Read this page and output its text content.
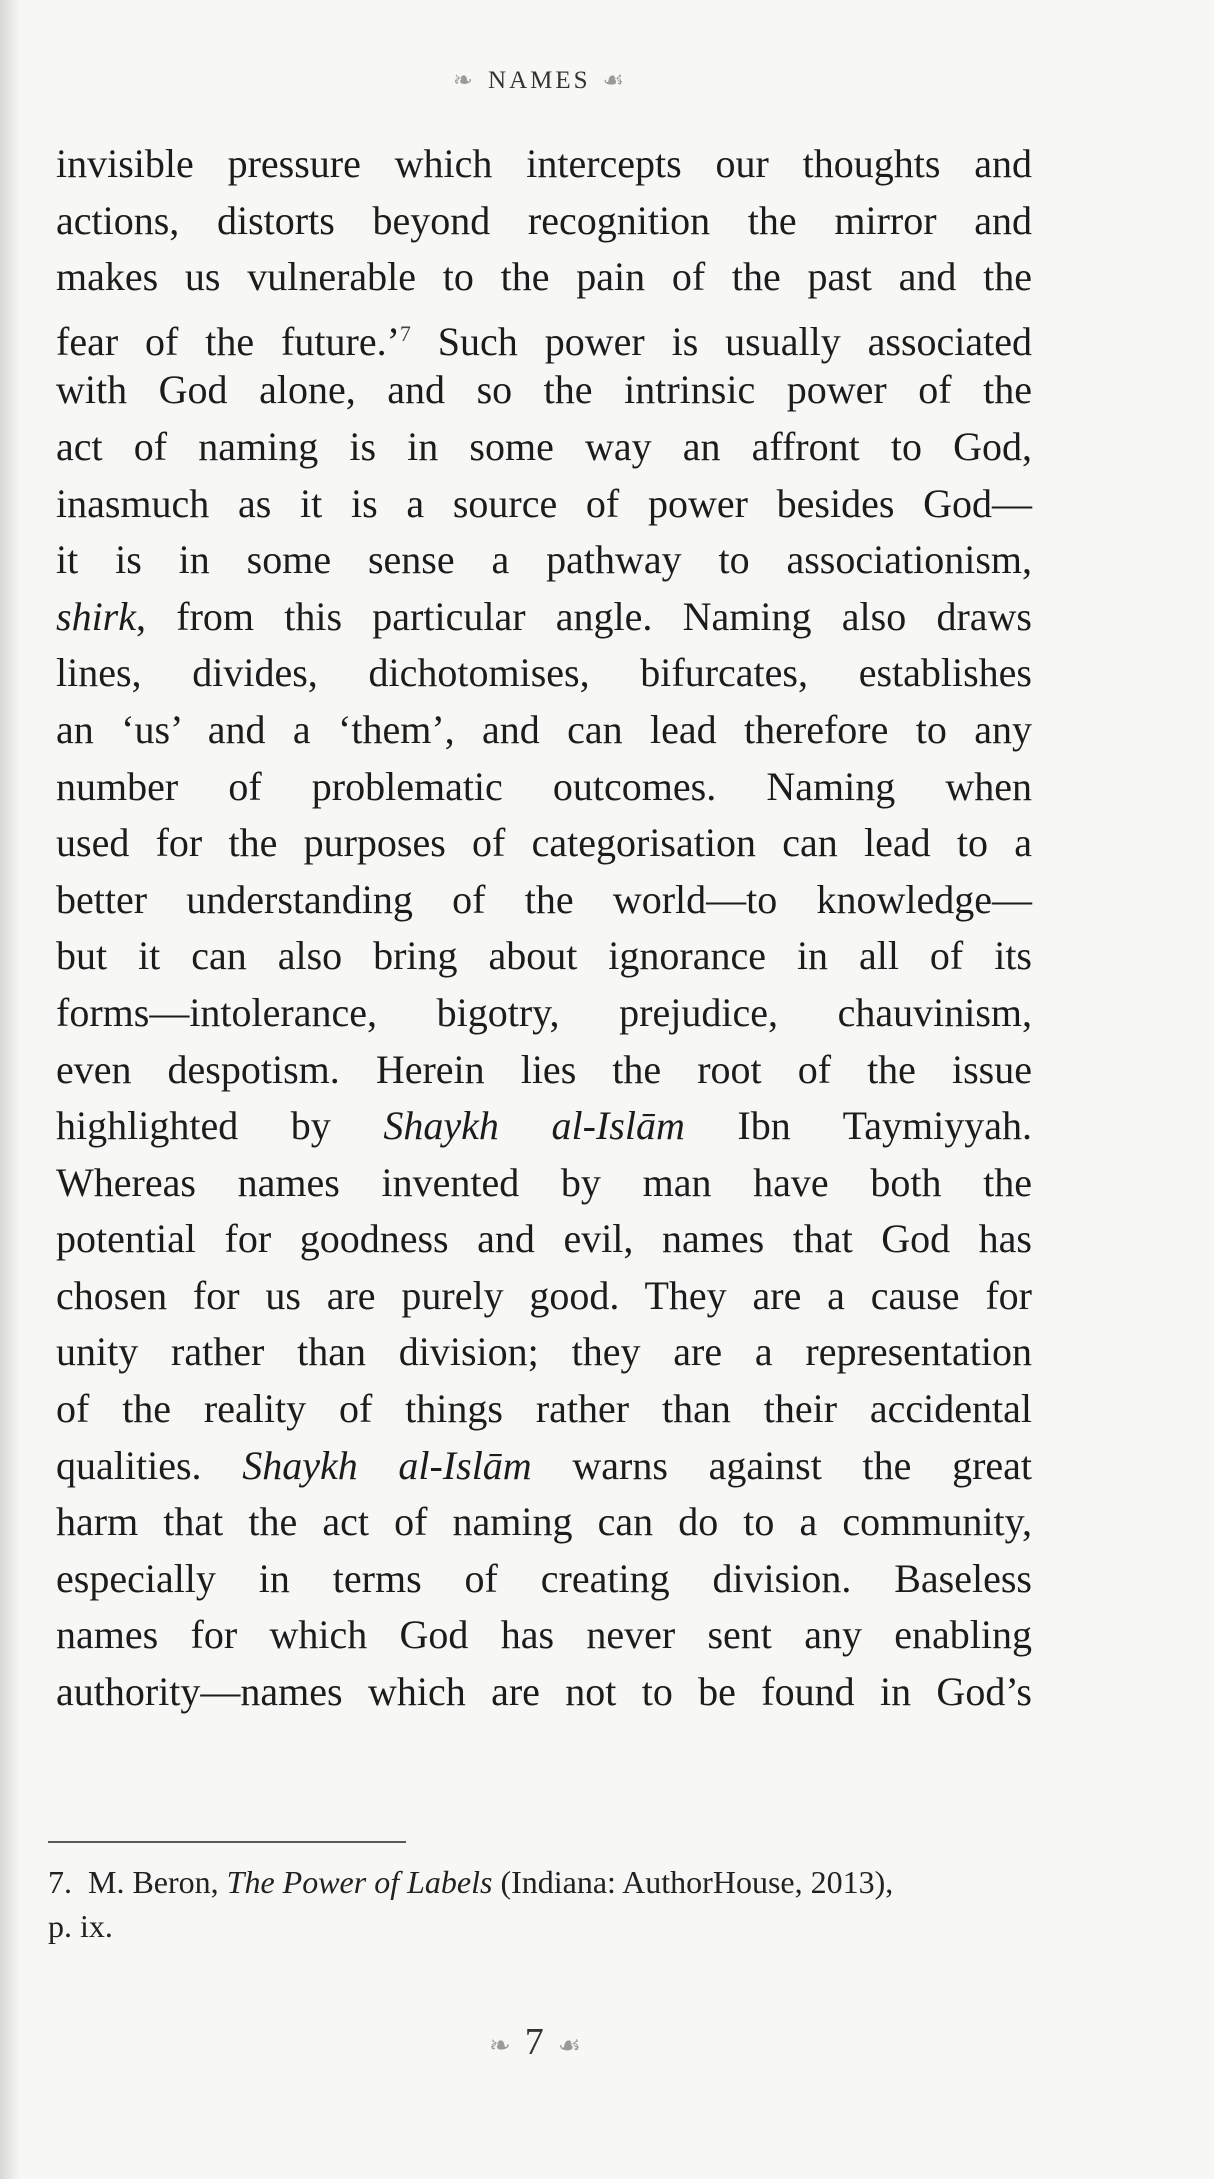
❧ NAMES ☙
invisible pressure which intercepts our thoughts and
actions, distorts beyond recognition the mirror and
makes us vulnerable to the pain of the past and the
fear of the future.’$^7$ Such power is usually associated
with God alone, and so the intrinsic power of the
act of naming is in some way an affront to God,
inasmuch as it is a source of power besides God—
it is in some sense a pathway to associationism,
shirk, from this particular angle. Naming also draws
lines, divides, dichotomises, bifurcates, establishes
an ‘us’ and a ‘them’, and can lead therefore to any
number of problematic outcomes. Naming when
used for the purposes of categorisation can lead to a
better understanding of the world—to knowledge—
but it can also bring about ignorance in all of its
forms—intolerance, bigotry, prejudice, chauvinism,
even despotism. Herein lies the root of the issue
highlighted by Shaykh al-Islām Ibn Taymiyyah.
Whereas names invented by man have both the
potential for goodness and evil, names that God has
chosen for us are purely good. They are a cause for
unity rather than division; they are a representation
of the reality of things rather than their accidental
qualities. Shaykh al-Islām warns against the great
harm that the act of naming can do to a community,
especially in terms of creating division. Baseless
names for which God has never sent any enabling
authority—names which are not to be found in God’s
7. M. Beron, The Power of Labels (Indiana: AuthorHouse, 2013),
p. ix.
❧ 7 ☙
